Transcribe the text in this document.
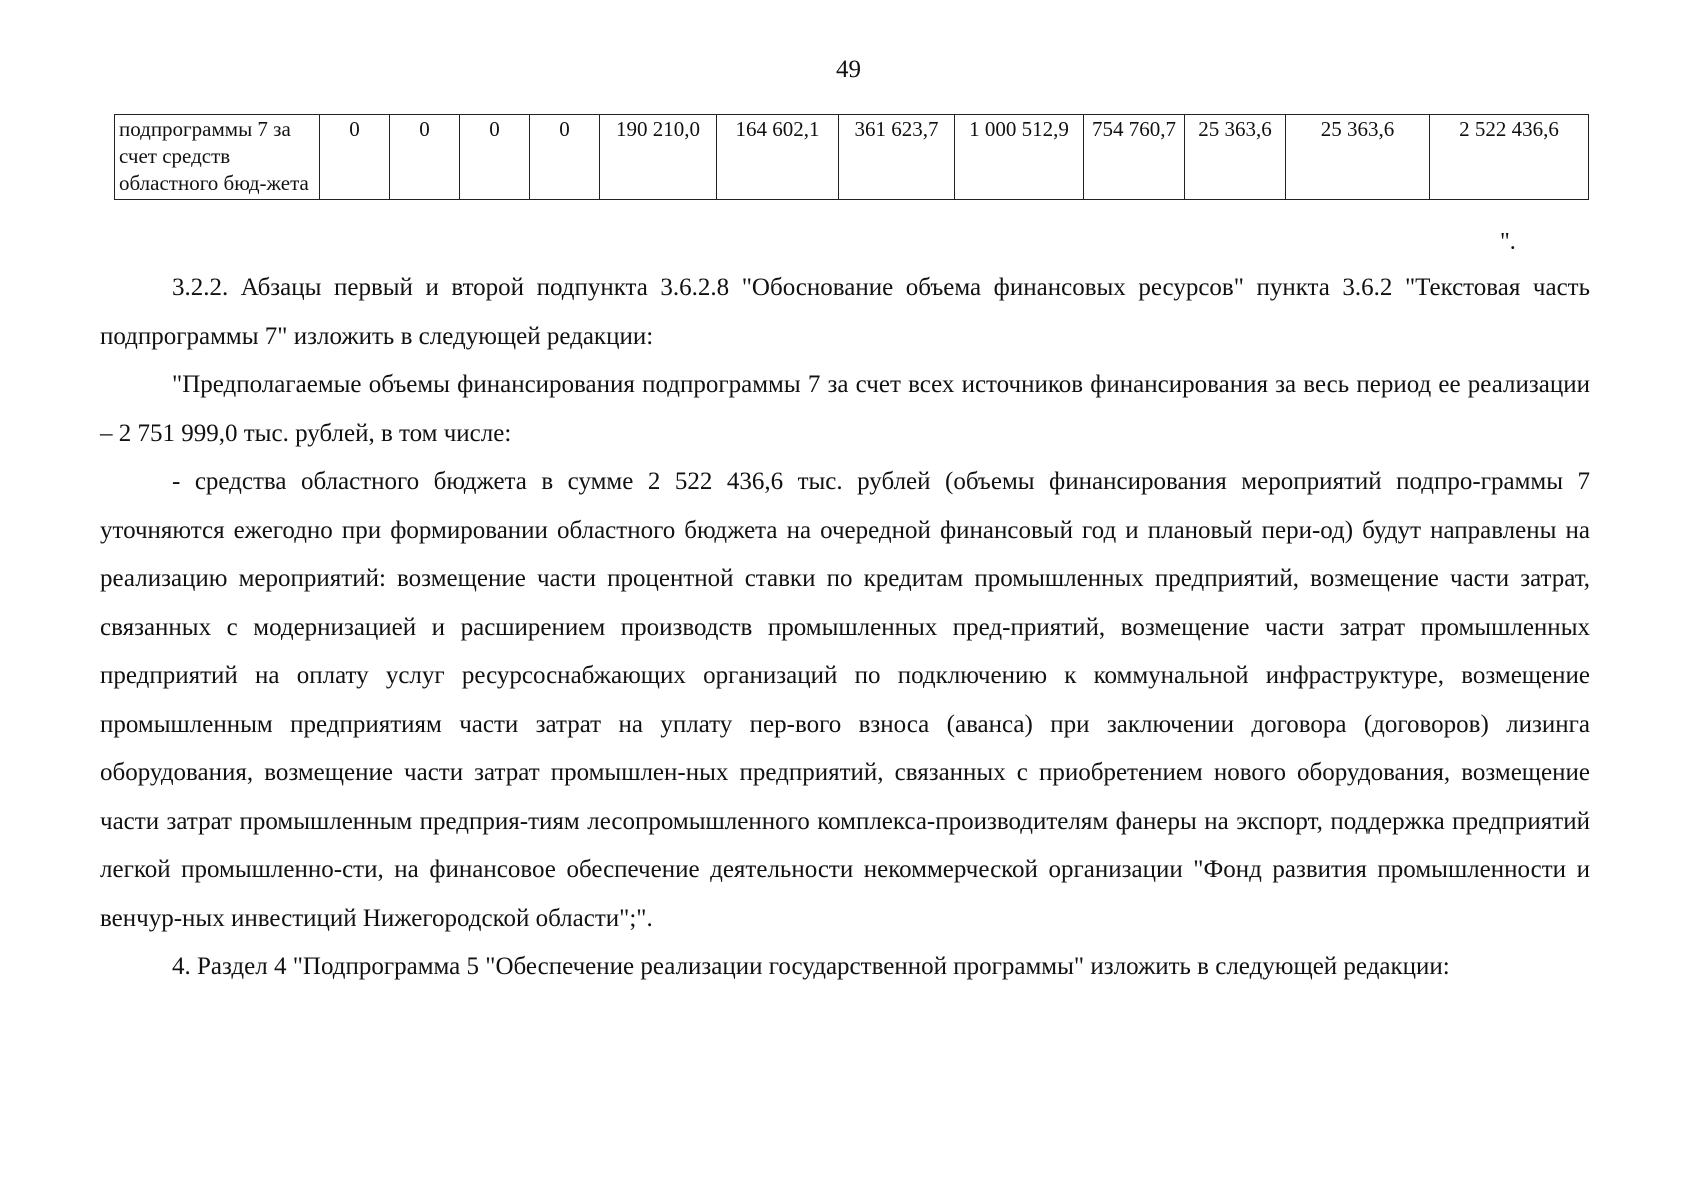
49
подпрограммы 7 за счет средств областного бюд-жета	0	0	0	0	190 210,0	164 602,1	361 623,7	1 000 512,9	754 760,7	25 363,6	25 363,6	2 522 436,6
".

3.2.2. Абзацы первый и второй подпункта 3.6.2.8 "Обоснование объема финансовых ресурсов" пункта 3.6.2 "Текстовая часть подпрограммы 7" изложить в следующей редакции:

"Предполагаемые объемы финансирования подпрограммы 7 за счет всех источников финансирования за весь период ее реализации – 2 751 999,0 тыс. рублей, в том числе:

- средства областного бюджета в сумме 2 522 436,6 тыс. рублей (объемы финансирования мероприятий подпро-граммы 7 уточняются ежегодно при формировании областного бюджета на очередной финансовый год и плановый пери-од) будут направлены на реализацию мероприятий: возмещение части процентной ставки по кредитам промышленных предприятий, возмещение части затрат, связанных с модернизацией и расширением производств промышленных пред-приятий, возмещение части затрат промышленных предприятий на оплату услуг ресурсоснабжающих организаций по подключению к коммунальной инфраструктуре, возмещение промышленным предприятиям части затрат на уплату пер-вого взноса (аванса) при заключении договора (договоров) лизинга оборудования, возмещение части затрат промышлен-ных предприятий, связанных с приобретением нового оборудования, возмещение части затрат промышленным предприя-тиям лесопромышленного комплекса-производителям фанеры на экспорт, поддержка предприятий легкой промышленно-сти, на финансовое обеспечение деятельности некоммерческой организации "Фонд развития промышленности и венчур-ных инвестиций Нижегородской области";".

4. Раздел 4 "Подпрограмма 5 "Обеспечение реализации государственной программы" изложить в следующей редакции:
